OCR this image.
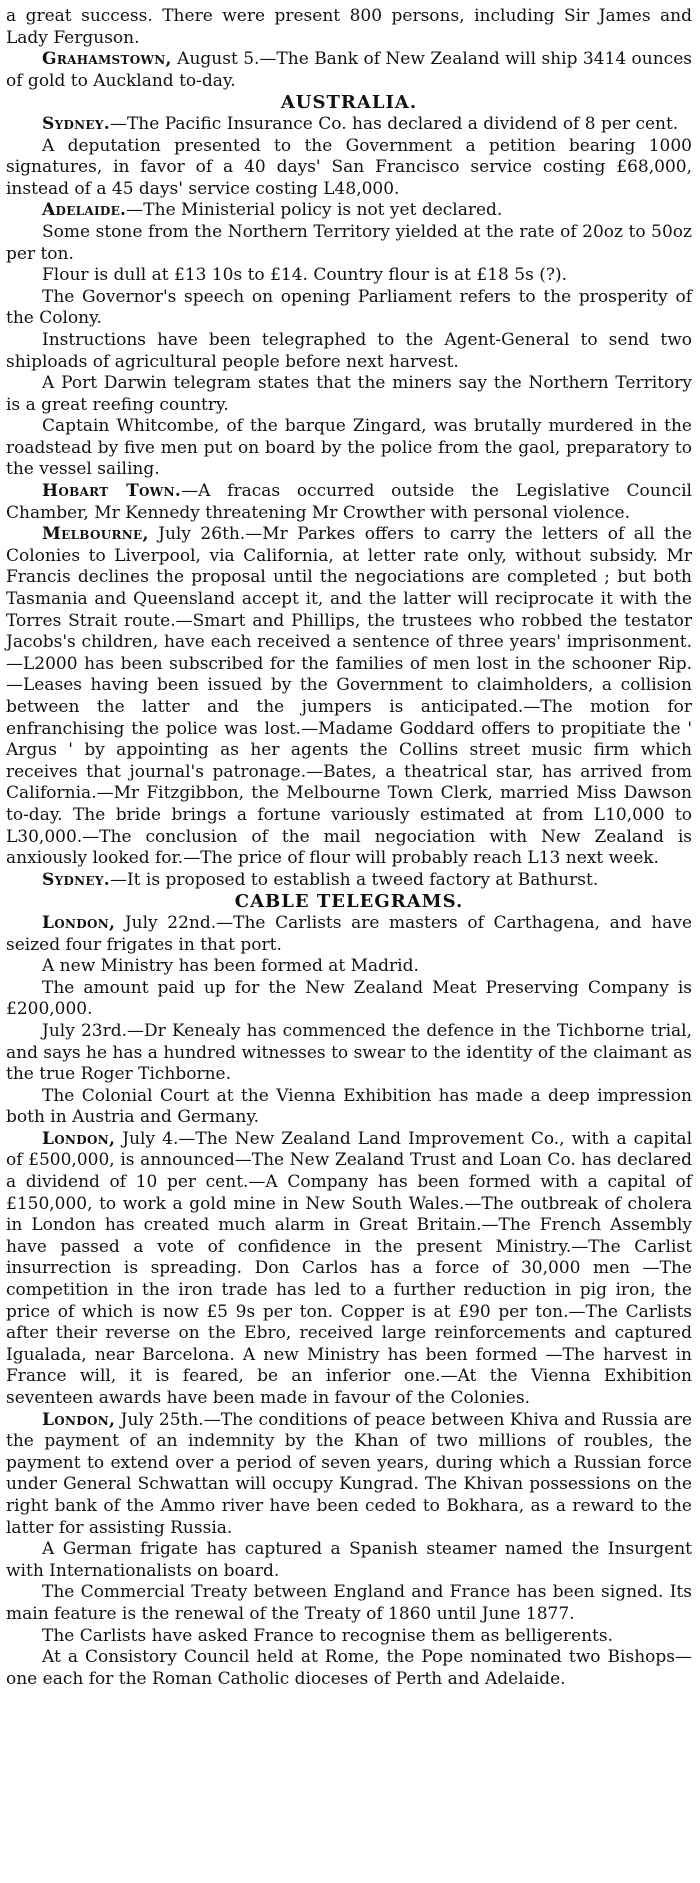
a great success. There were present 800 persons, including Sir James and Lady Ferguson.

Grahamstown, August 5.—The Bank of New Zealand will ship 3414 ounces of gold to Auckland to-day.

AUSTRALIA.

Sydney.—The Pacific Insurance Co. has declared a dividend of 8 per cent.

A deputation presented to the Government a petition bearing 1000 signatures, in favor of a 40 days' San Francisco service costing £68,000, instead of a 45 days' service costing L48,000.

Adelaide.—The Ministerial policy is not yet declared.

Some stone from the Northern Territory yielded at the rate of 20oz to 50oz per ton.

Flour is dull at £13 10s to £14. Country flour is at £18 5s (?).

The Governor's speech on opening Parliament refers to the prosperity of the Colony.

Instructions have been telegraphed to the Agent-General to send two shiploads of agricultural people before next harvest.

A Port Darwin telegram states that the miners say the Northern Territory is a great reefing country.

Captain Whitcombe, of the barque Zingard, was brutally murdered in the roadstead by five men put on board by the police from the gaol, preparatory to the vessel sailing.

Hobart Town.—A fracas occurred outside the Legislative Council Chamber, Mr Kennedy threatening Mr Crowther with personal violence.

Melbourne, July 26th.—Mr Parkes offers to carry the letters of all the Colonies to Liverpool, via California, at letter rate only, without subsidy. Mr Francis declines the proposal until the negociations are completed ; but both Tasmania and Queensland accept it, and the latter will reciprocate it with the Torres Strait route.—Smart and Phillips, the trustees who robbed the testator Jacobs's children, have each received a sentence of three years' imprisonment.—L2000 has been subscribed for the families of men lost in the schooner Rip.—Leases having been issued by the Government to claimholders, a collision between the latter and the jumpers is anticipated.—The motion for enfranchising the police was lost.—Madame Goddard offers to propitiate the ' Argus ' by appointing as her agents the Collins street music firm which receives that journal's patronage.—Bates, a theatrical star, has arrived from California.—Mr Fitzgibbon, the Melbourne Town Clerk, married Miss Dawson to-day. The bride brings a fortune variously estimated at from L10,000 to L30,000.—The conclusion of the mail negociation with New Zealand is anxiously looked for.—The price of flour will probably reach L13 next week.

Sydney.—It is proposed to establish a tweed factory at Bathurst.

CABLE TELEGRAMS.

London, July 22nd.—The Carlists are masters of Carthagena, and have seized four frigates in that port.

A new Ministry has been formed at Madrid.

The amount paid up for the New Zealand Meat Preserving Company is £200,000.

July 23rd.—Dr Kenealy has commenced the defence in the Tichborne trial, and says he has a hundred witnesses to swear to the identity of the claimant as the true Roger Tichborne.

The Colonial Court at the Vienna Exhibition has made a deep impression both in Austria and Germany.

London, July 4.—The New Zealand Land Improvement Co., with a capital of £500,000, is announced—The New Zealand Trust and Loan Co. has declared a dividend of 10 per cent.—A Company has been formed with a capital of £150,000, to work a gold mine in New South Wales.—The outbreak of cholera in London has created much alarm in Great Britain.—The French Assembly have passed a vote of confidence in the present Ministry.—The Carlist insurrection is spreading. Don Carlos has a force of 30,000 men —The competition in the iron trade has led to a further reduction in pig iron, the price of which is now £5 9s per ton. Copper is at £90 per ton.—The Carlists after their reverse on the Ebro, received large reinforcements and captured Igualada, near Barcelona. A new Ministry has been formed —The harvest in France will, it is feared, be an inferior one.—At the Vienna Exhibition seventeen awards have been made in favour of the Colonies.

London, July 25th.—The conditions of peace between Khiva and Russia are the payment of an indemnity by the Khan of two millions of roubles, the payment to extend over a period of seven years, during which a Russian force under General Schwattan will occupy Kungrad. The Khivan possessions on the right bank of the Ammo river have been ceded to Bokhara, as a reward to the latter for assisting Russia.

A German frigate has captured a Spanish steamer named the Insurgent with Internationalists on board.

The Commercial Treaty between England and France has been signed. Its main feature is the renewal of the Treaty of 1860 until June 1877.

The Carlists have asked France to recognise them as belligerents.

At a Consistory Council held at Rome, the Pope nominated two Bishops—one each for the Roman Catholic dioceses of Perth and Adelaide.
